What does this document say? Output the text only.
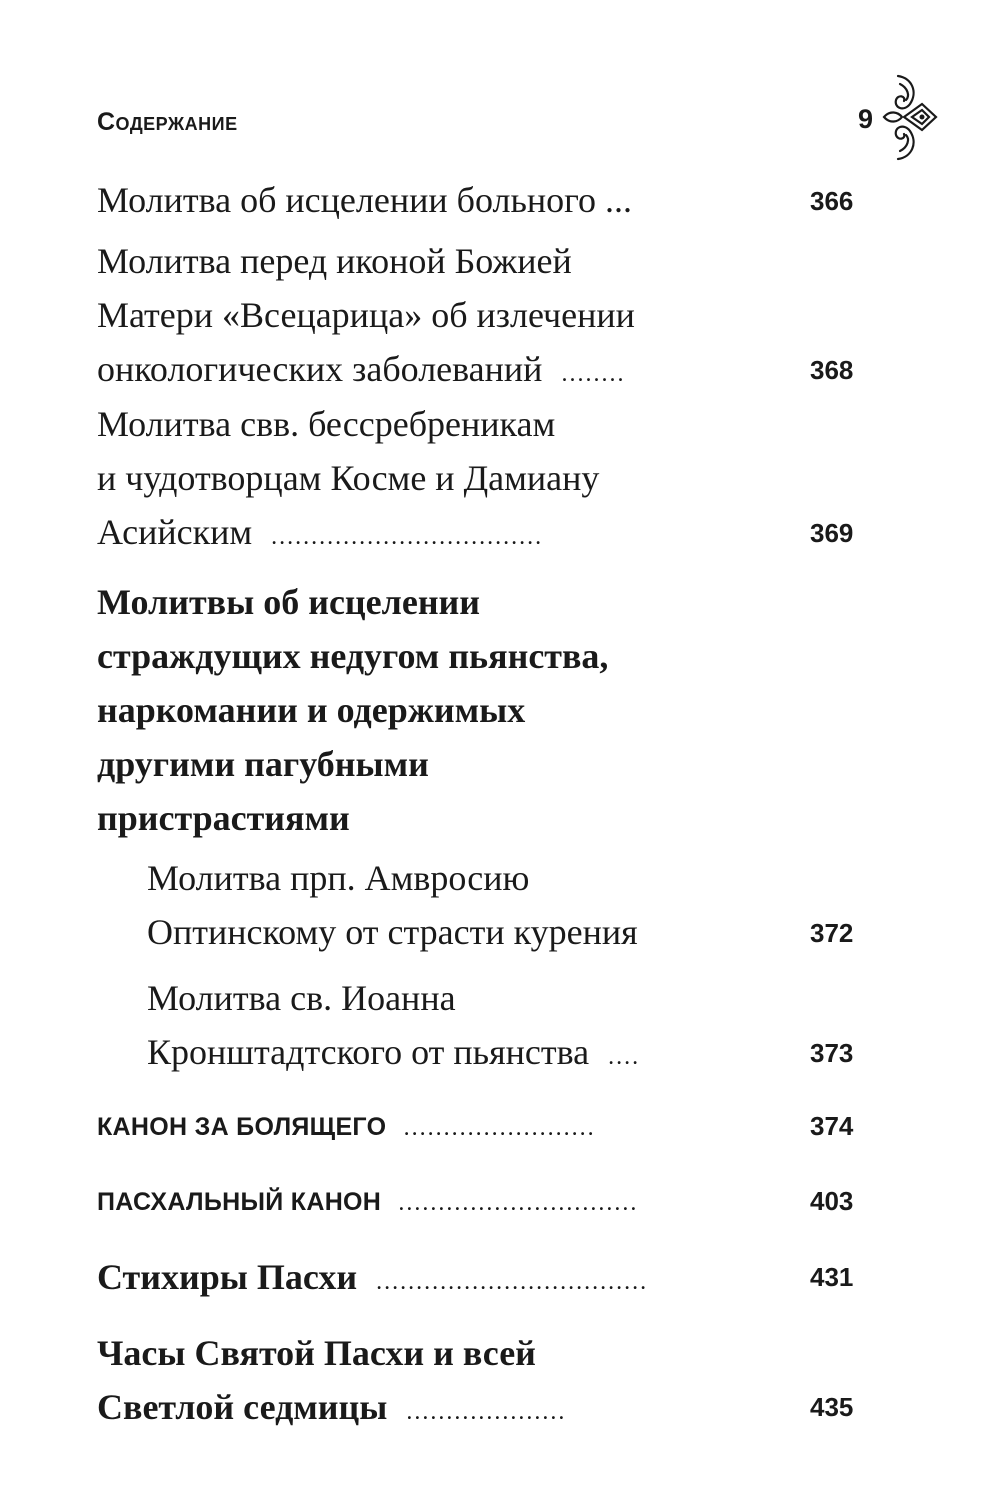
Содержание	9
Молитва об исцелении больного ...	366
Молитва перед иконой Божией
Матери «Всецарица» об излечении
онкологических заболеваний ........	368
Молитва свв. бессребреникам
и чудотворцам Косме и Дамиану
Асийским ..................................	369
Молитвы об исцелении
страждущих недугом пьянства,
наркомании и одержимых
другими пагубными
пристрастиями
Молитва прп. Амвросию
Оптинскому от страсти курения	372
Молитва св. Иоанна
Кронштадтского от пьянства ....	373
КАНОН ЗА БОЛЯЩЕГО ........................	374
ПАСХАЛЬНЫЙ КАНОН ..............................	403
Стихиры Пасхи ..................................	431
Часы Святой Пасхи и всей
Светлой седмицы ....................	435
